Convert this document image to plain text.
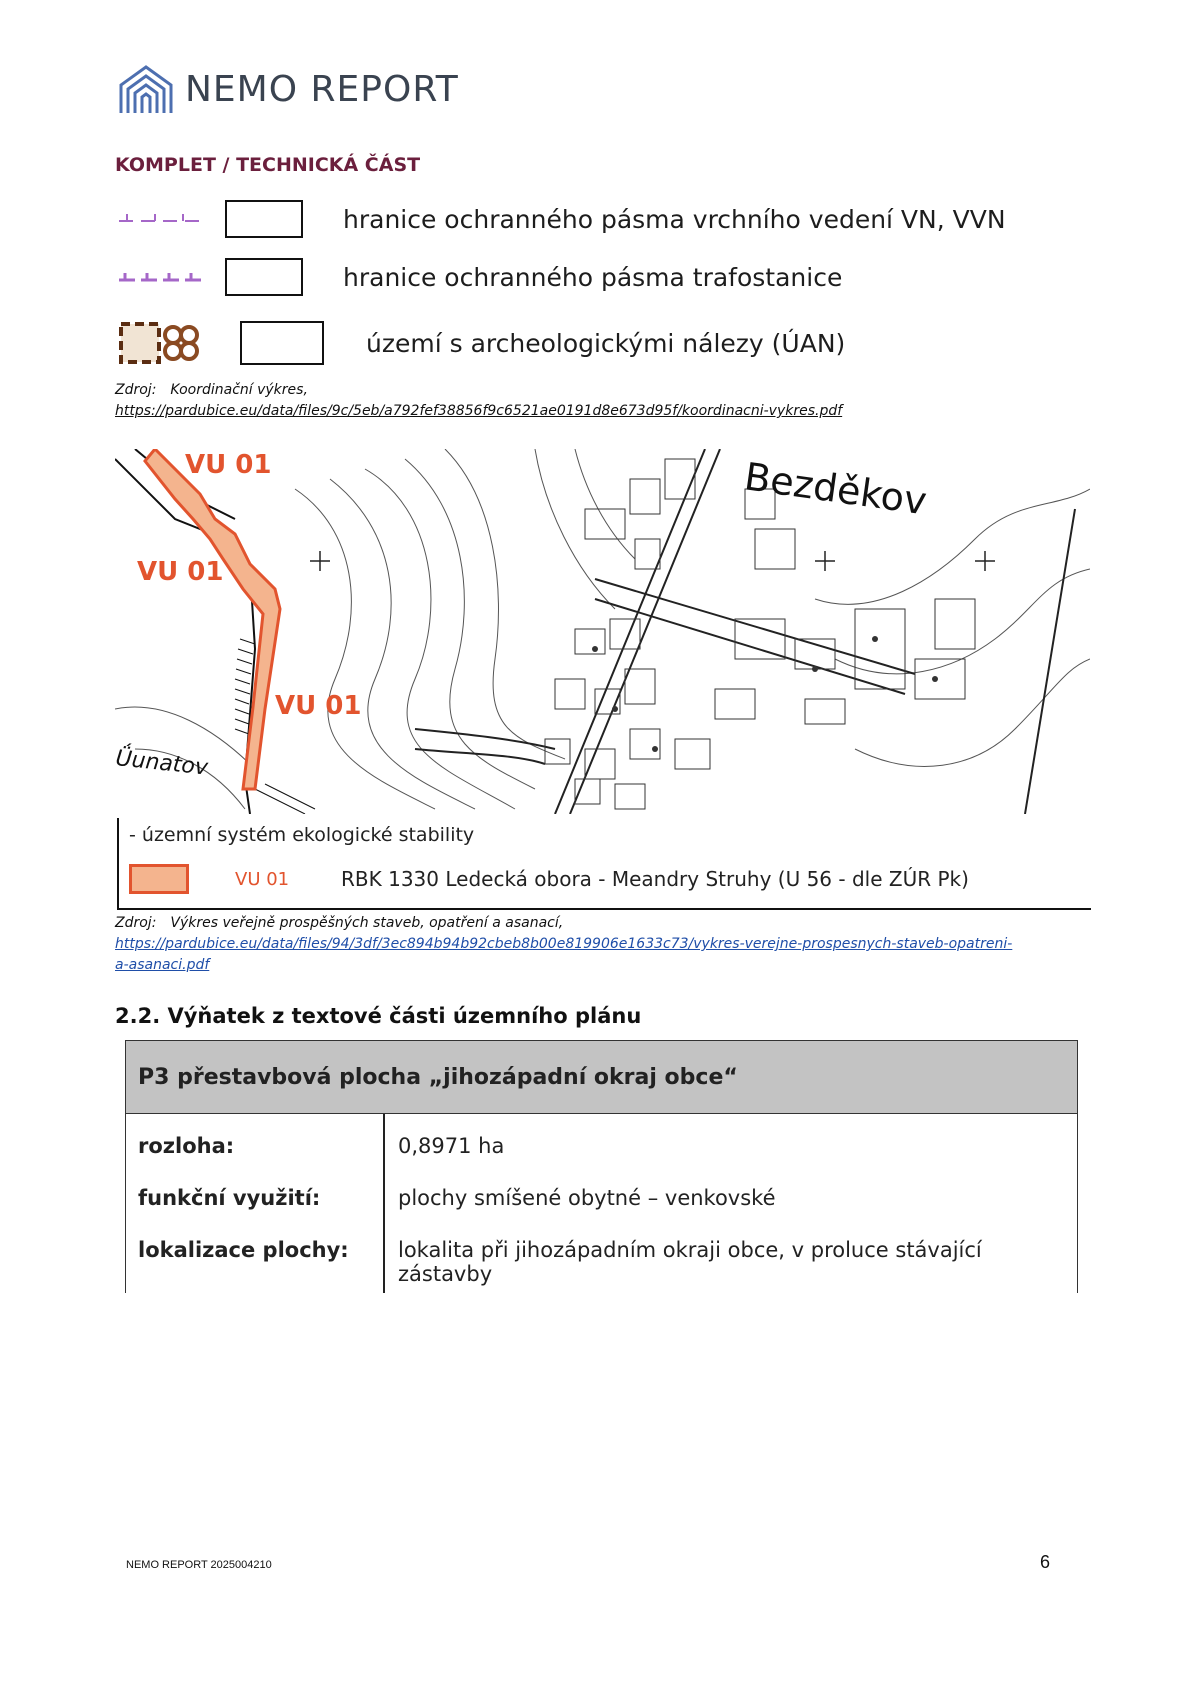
NEMO REPORT
KOMPLET / TECHNICKÁ ČÁST
hranice ochranného pásma vrchního vedení VN, VVN
hranice ochranného pásma trafostanice
území s archeologickými nálezy (ÚAN)
Zdroj: Koordinační výkres,
https://pardubice.eu/data/files/9c/5eb/a792fef38856f9c6521ae0191d8e673d95f/koordinacni-vykres.pdf
VU 01
VU 01
VU 01
Bezděkov
Ǘunatov
- územní systém ekologické stability
VU 01	RBK 1330 Ledecká obora - Meandry Struhy (U 56 - dle ZÚR Pk)
Zdroj: Výkres veřejně prospěšných staveb, opatření a asanací,
https://pardubice.eu/data/files/94/3df/3ec894b94b92cbeb8b00e819906e1633c73/vykres-verejne-prospesnych-staveb-opatreni-
a-asanaci.pdf
2.2. Výňatek z textové části územního plánu
P3 přestavbová plocha „jihozápadní okraj obce“
rozloha:	0,8971 ha
funkční využití:	plochy smíšené obytné – venkovské
lokalizace plochy: lokalita při jihozápadním okraji obce, v proluce stávající zástavby
NEMO REPORT 2025004210	6
